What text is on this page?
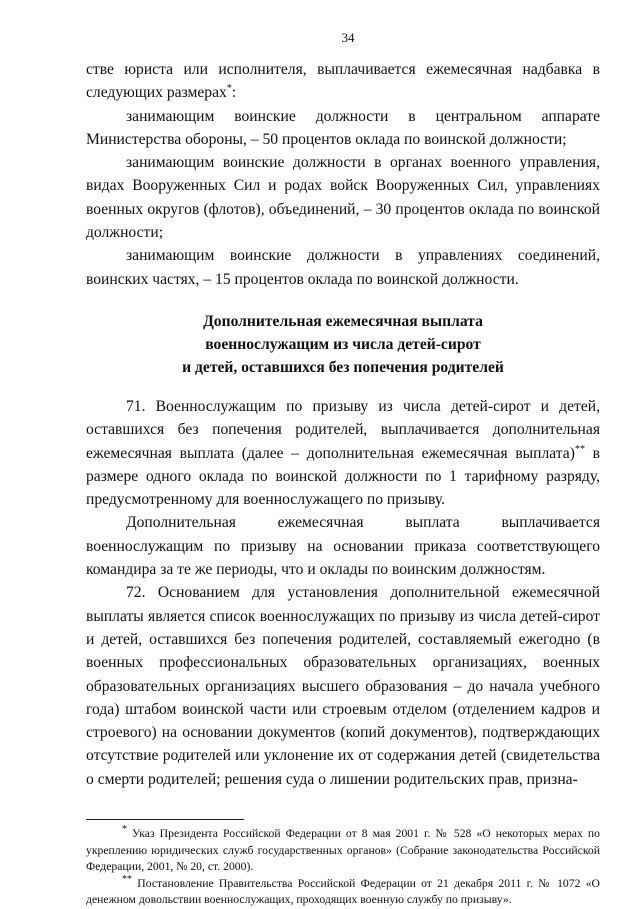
34

стве юриста или исполнителя, выплачивается ежемесячная надбавка в следующих размерах*:

занимающим воинские должности в центральном аппарате Министерства обороны, – 50 процентов оклада по воинской должности;

занимающим воинские должности в органах военного управления, видах Вооруженных Сил и родах войск Вооруженных Сил, управлениях военных округов (флотов), объединений, – 30 процентов оклада по воинской должности;

занимающим воинские должности в управлениях соединений, воинских частях, – 15 процентов оклада по воинской должности.

Дополнительная ежемесячная выплата
военнослужащим из числа детей-сирот
и детей, оставшихся без попечения родителей

71. Военнослужащим по призыву из числа детей-сирот и детей, оставшихся без попечения родителей, выплачивается дополнительная ежемесячная выплата (далее – дополнительная ежемесячная выплата)** в размере одного оклада по воинской должности по 1 тарифному разряду, предусмотренному для военнослужащего по призыву.

Дополнительная ежемесячная выплата выплачивается военнослужащим по призыву на основании приказа соответствующего командира за те же периоды, что и оклады по воинским должностям.

72. Основанием для установления дополнительной ежемесячной выплаты является список военнослужащих по призыву из числа детей-сирот и детей, оставшихся без попечения родителей, составляемый ежегодно (в военных профессиональных образовательных организациях, военных образовательных организациях высшего образования – до начала учебного года) штабом воинской части или строевым отделом (отделением кадров и строевого) на основании документов (копий документов), подтверждающих отсутствие родителей или уклонение их от содержания детей (свидетельства о смерти родителей; решения суда о лишении родительских прав, призна-

* Указ Президента Российской Федерации от 8 мая 2001 г. № 528 «О некоторых мерах по укреплению юридических служб государственных органов» (Собрание законодательства Российской Федерации, 2001, № 20, ст. 2000).

** Постановление Правительства Российской Федерации от 21 декабря 2011 г. № 1072 «О денежном довольствии военнослужащих, проходящих военную службу по призыву».
